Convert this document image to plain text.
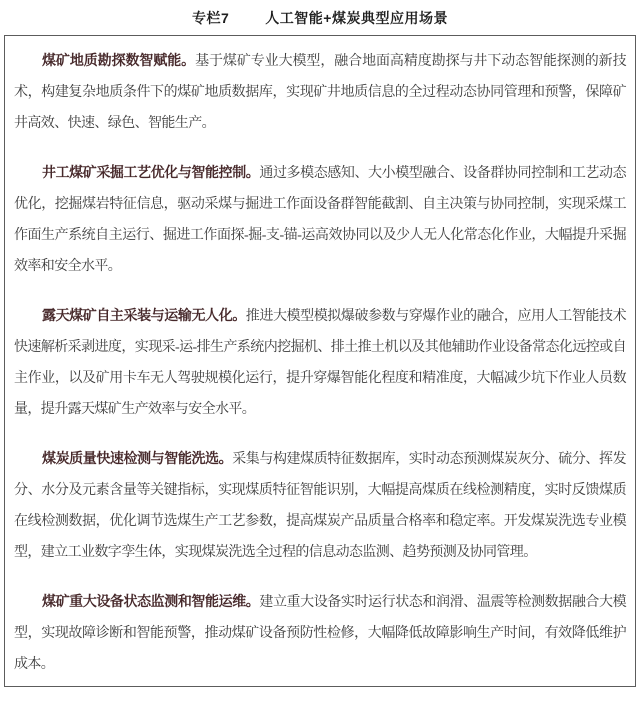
专栏7	人工智能+煤炭典型应用场景

煤矿地质勘探数智赋能。基于煤矿专业大模型，融合地面高精度勘探与井下动态智能探测的新技术，构建复杂地质条件下的煤矿地质数据库，实现矿井地质信息的全过程动态协同管理和预警，保障矿井高效、快速、绿色、智能生产。

井工煤矿采掘工艺优化与智能控制。通过多模态感知、大小模型融合、设备群协同控制和工艺动态优化，挖掘煤岩特征信息，驱动采煤与掘进工作面设备群智能截割、自主决策与协同控制，实现采煤工作面生产系统自主运行、掘进工作面探-掘-支-锚-运高效协同以及少人无人化常态化作业，大幅提升采掘效率和安全水平。

露天煤矿自主采装与运输无人化。推进大模型模拟爆破参数与穿爆作业的融合，应用人工智能技术快速解析采剥进度，实现采-运-排生产系统内挖掘机、排土推土机以及其他辅助作业设备常态化远控或自主作业，以及矿用卡车无人驾驶规模化运行，提升穿爆智能化程度和精准度，大幅减少坑下作业人员数量，提升露天煤矿生产效率与安全水平。

煤炭质量快速检测与智能洗选。采集与构建煤质特征数据库，实时动态预测煤炭灰分、硫分、挥发分、水分及元素含量等关键指标，实现煤质特征智能识别，大幅提高煤质在线检测精度，实时反馈煤质在线检测数据，优化调节选煤生产工艺参数，提高煤炭产品质量合格率和稳定率。开发煤炭洗选专业模型，建立工业数字孪生体，实现煤炭洗选全过程的信息动态监测、趋势预测及协同管理。

煤矿重大设备状态监测和智能运维。建立重大设备实时运行状态和润滑、温震等检测数据融合大模型，实现故障诊断和智能预警，推动煤矿设备预防性检修，大幅降低故障影响生产时间，有效降低维护成本。
